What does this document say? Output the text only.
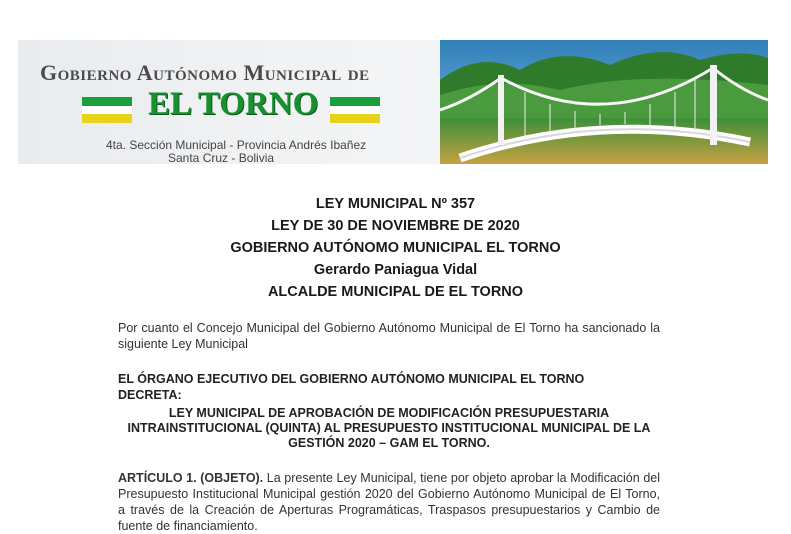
Gobierno Autónomo Municipal de
EL TORNO
4ta. Sección Municipal - Provincia Andrés Ibañez
Santa Cruz - Bolivia
LEY MUNICIPAL Nº 357
LEY DE 30 DE NOVIEMBRE DE 2020
GOBIERNO AUTÓNOMO MUNICIPAL EL TORNO
Gerardo Paniagua Vidal
ALCALDE MUNICIPAL DE EL TORNO
Por cuanto el Concejo Municipal del Gobierno Autónomo Municipal de El Torno ha sancionado la siguiente Ley Municipal
EL ÓRGANO EJECUTIVO DEL GOBIERNO AUTÓNOMO MUNICIPAL EL TORNO
DECRETA:
LEY MUNICIPAL DE APROBACIÓN DE MODIFICACIÓN PRESUPUESTARIA INTRAINSTITUCIONAL (QUINTA) AL PRESUPUESTO INSTITUCIONAL MUNICIPAL DE LA GESTIÓN 2020 – GAM EL TORNO.
ARTÍCULO 1. (OBJETO). La presente Ley Municipal, tiene por objeto aprobar la Modificación del Presupuesto Institucional Municipal gestión 2020 del Gobierno Autónomo Municipal de El Torno, a través de la Creación de Aperturas Programáticas, Traspasos presupuestarios y Cambio de fuente de financiamiento.
